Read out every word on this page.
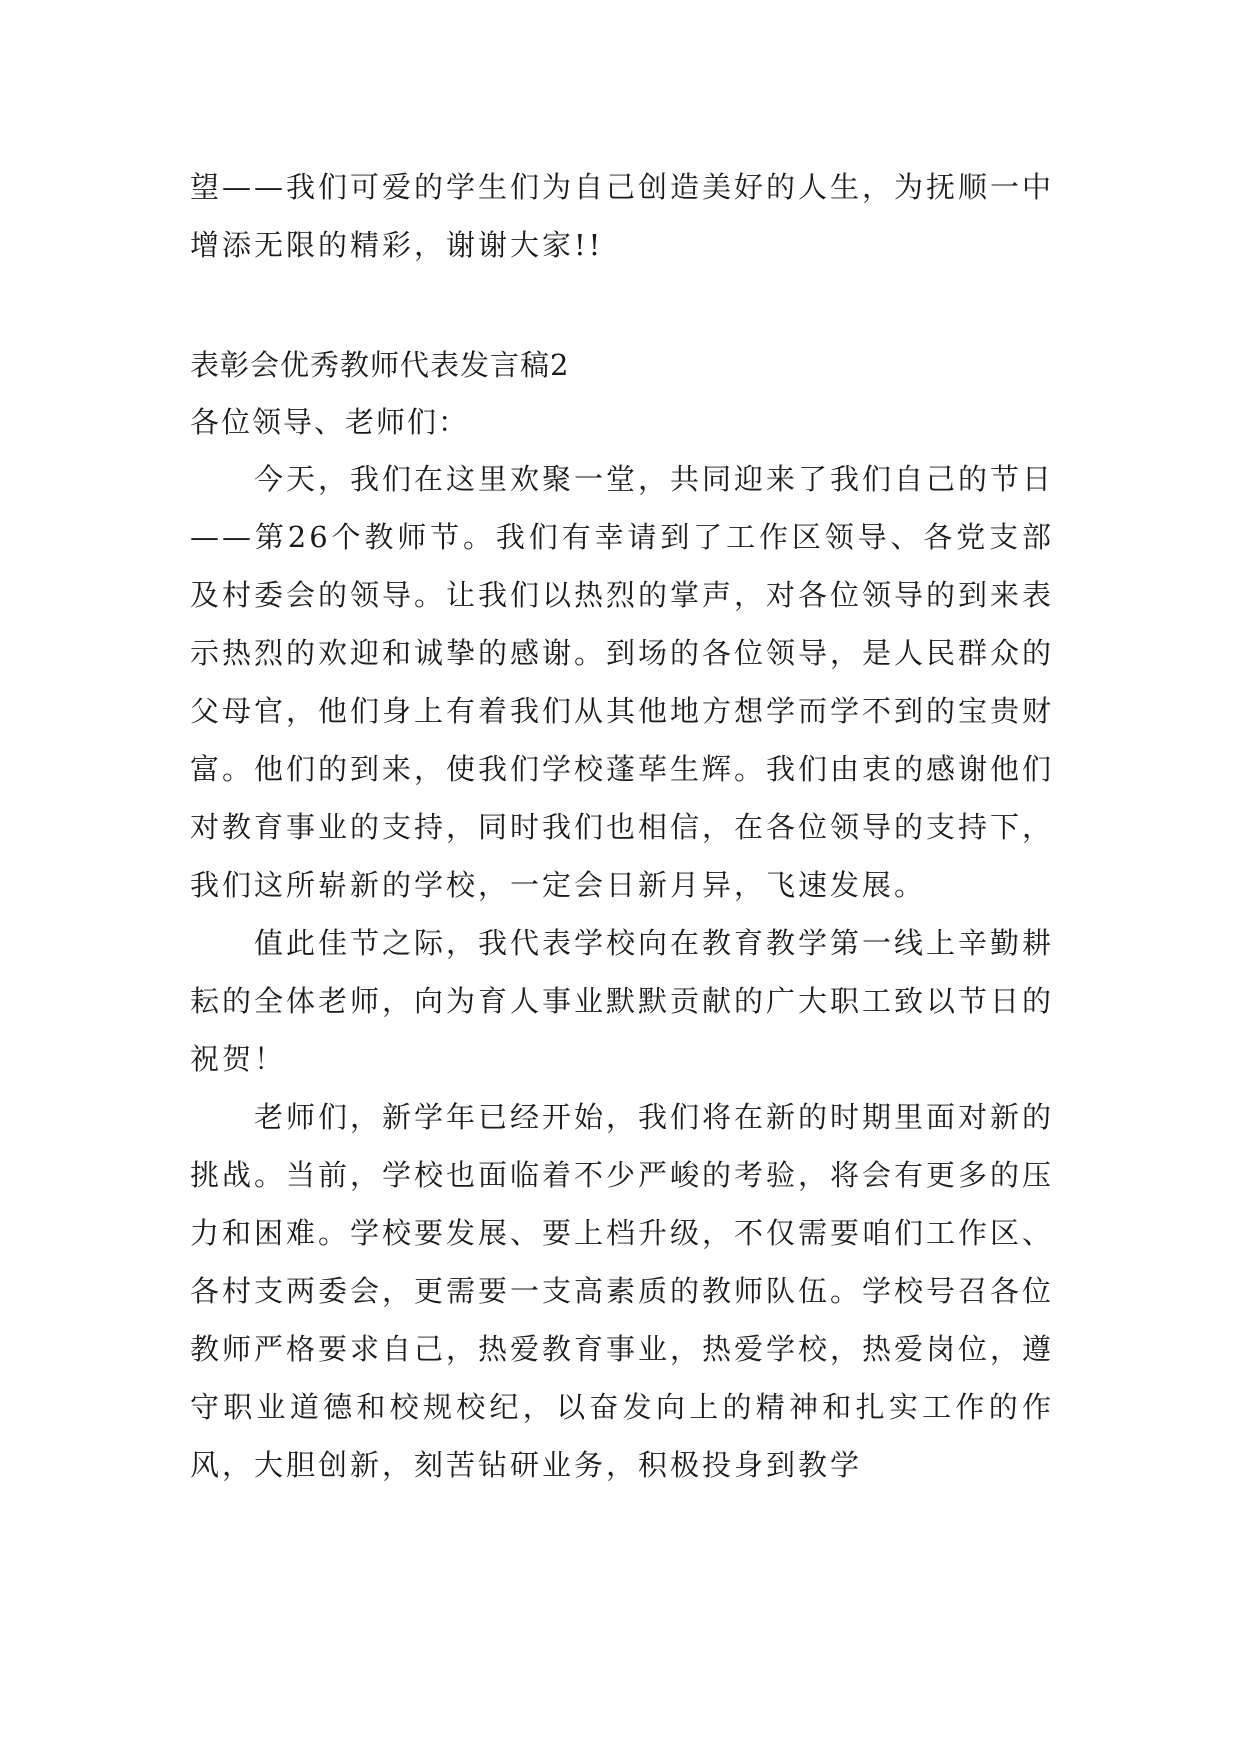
望——我们可爱的学生们为自己创造美好的人生，为抚顺一中增添无限的精彩，谢谢大家!!
表彰会优秀教师代表发言稿2
各位领导、老师们：

今天，我们在这里欢聚一堂，共同迎来了我们自己的节日——第26个教师节。我们有幸请到了工作区领导、各党支部及村委会的领导。让我们以热烈的掌声，对各位领导的到来表示热烈的欢迎和诚挚的感谢。到场的各位领导，是人民群众的父母官，他们身上有着我们从其他地方想学而学不到的宝贵财富。他们的到来，使我们学校蓬荜生辉。我们由衷的感谢他们对教育事业的支持，同时我们也相信，在各位领导的支持下，我们这所崭新的学校，一定会日新月异，飞速发展。

值此佳节之际，我代表学校向在教育教学第一线上辛勤耕耘的全体老师，向为育人事业默默贡献的广大职工致以节日的祝贺！

老师们，新学年已经开始，我们将在新的时期里面对新的挑战。当前，学校也面临着不少严峻的考验，将会有更多的压力和困难。学校要发展、要上档升级，不仅需要咱们工作区、各村支两委会，更需要一支高素质的教师队伍。学校号召各位教师严格要求自己，热爱教育事业，热爱学校，热爱岗位，遵守职业道德和校规校纪，以奋发向上的精神和扎实工作的作风，大胆创新，刻苦钻研业务，积极投身到教学
